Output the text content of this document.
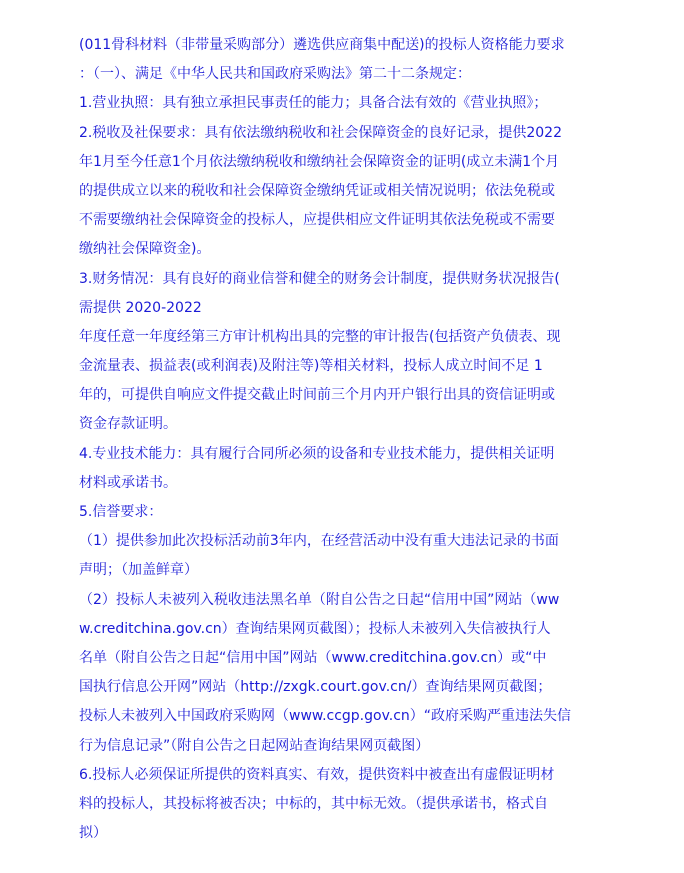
(011骨科材料（非带量采购部分）遴选供应商集中配送)的投标人资格能力要求
：（一）、满足《中华人民共和国政府采购法》第二十二条规定：
1.营业执照：具有独立承担民事责任的能力；具备合法有效的《营业执照》；
2.税收及社保要求：具有依法缴纳税收和社会保障资金的良好记录，提供2022
年1月至今任意1个月依法缴纳税收和缴纳社会保障资金的证明(成立未满1个月
的提供成立以来的税收和社会保障资金缴纳凭证或相关情况说明；依法免税或
不需要缴纳社会保障资金的投标人，应提供相应文件证明其依法免税或不需要
缴纳社会保障资金)。
3.财务情况：具有良好的商业信誉和健全的财务会计制度，提供财务状况报告(
需提供 2020-2022
年度任意一年度经第三方审计机构出具的完整的审计报告(包括资产负债表、现
金流量表、损益表(或利润表)及附注等)等相关材料，投标人成立时间不足 1
年的，可提供自响应文件提交截止时间前三个月内开户银行出具的资信证明或
资金存款证明。
4.专业技术能力：具有履行合同所必须的设备和专业技术能力，提供相关证明
材料或承诺书。
5.信誉要求：
（1）提供参加此次投标活动前3年内，在经营活动中没有重大违法记录的书面
声明；（加盖鲜章）
（2）投标人未被列入税收违法黑名单（附自公告之日起“信用中国”网站（ww
w.creditchina.gov.cn）查询结果网页截图）；投标人未被列入失信被执行人
名单（附自公告之日起“信用中国”网站（www.creditchina.gov.cn）或“中
国执行信息公开网”网站（http://zxgk.court.gov.cn/）查询结果网页截图；
投标人未被列入中国政府采购网（www.ccgp.gov.cn）“政府采购严重违法失信
行为信息记录”（附自公告之日起网站查询结果网页截图）
6.投标人必须保证所提供的资料真实、有效，提供资料中被查出有虚假证明材
料的投标人，其投标将被否决；中标的，其中标无效。（提供承诺书，格式自
拟）
